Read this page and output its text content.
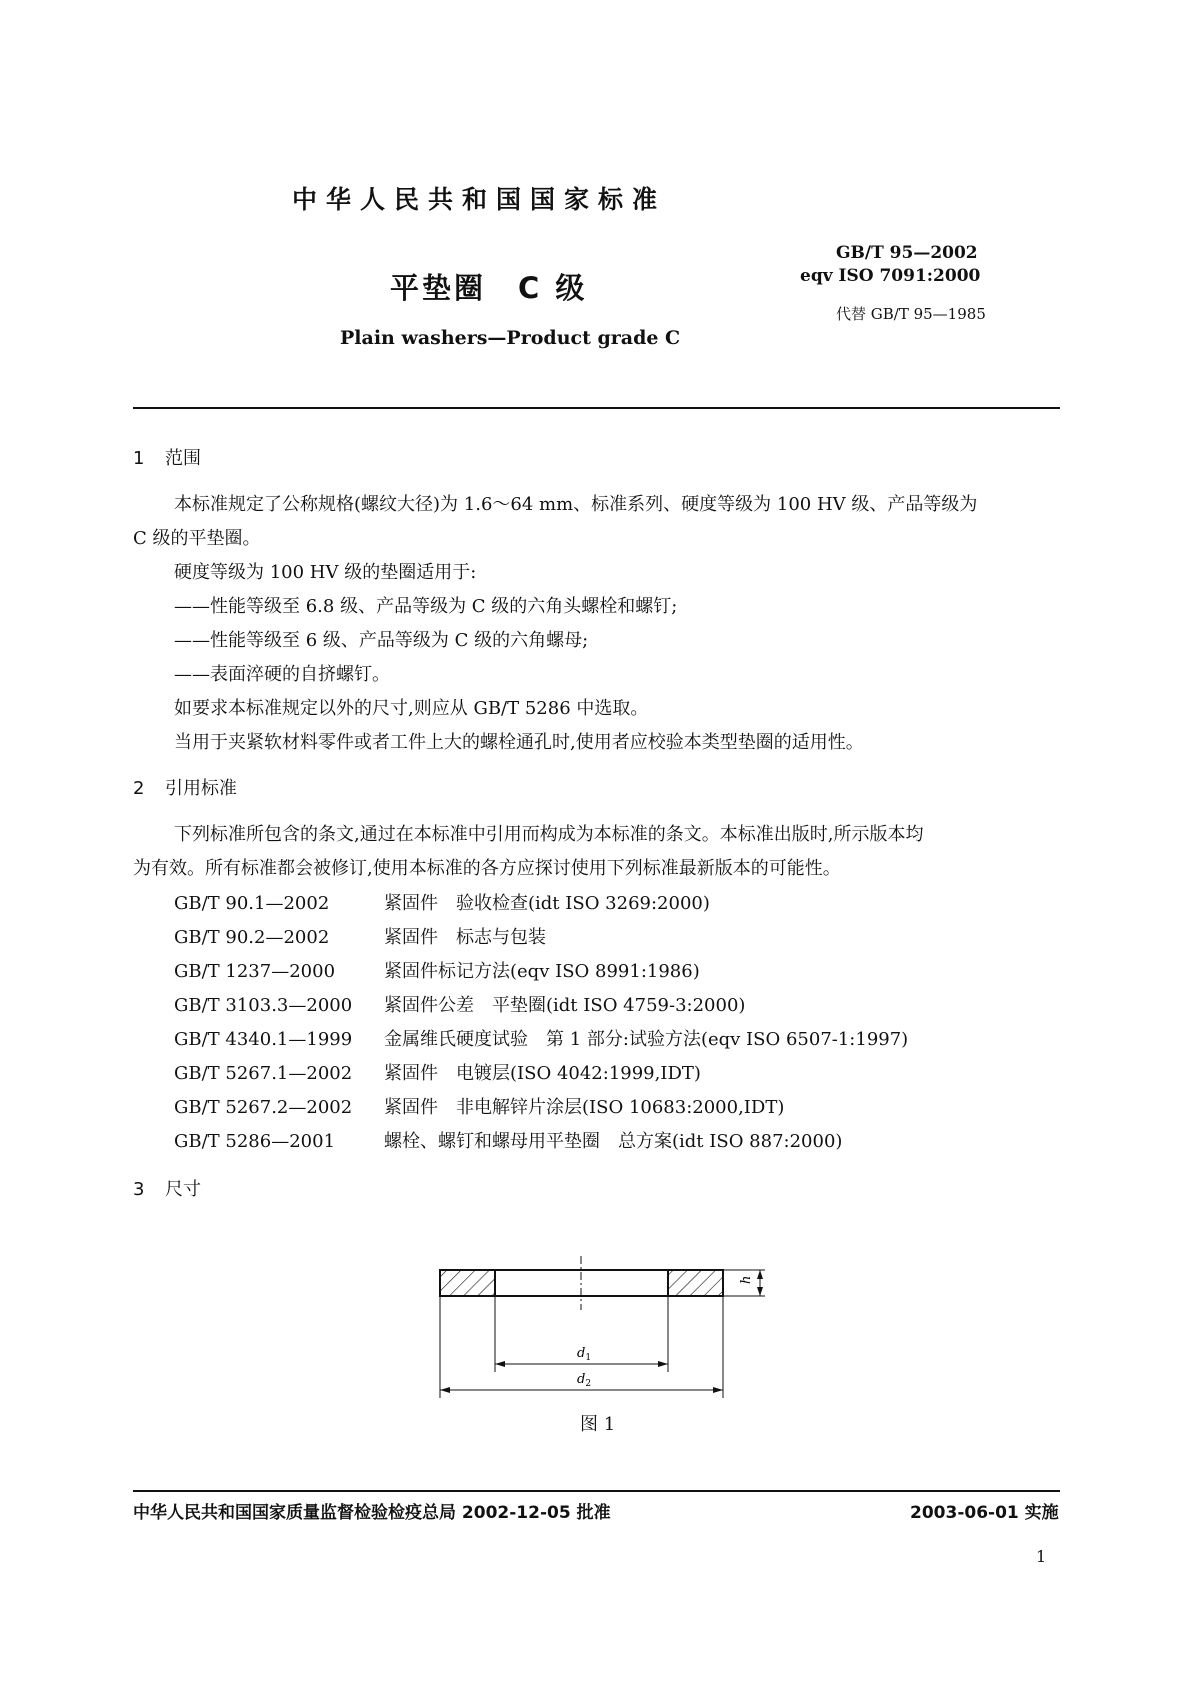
中华人民共和国国家标准
GB/T 95—2002
eqv ISO 7091:2000
代替 GB/T 95—1985
平垫圈　C 级
Plain washers—Product grade C
1 范围
本标准规定了公称规格(螺纹大径)为 1.6～64 mm、标准系列、硬度等级为 100 HV 级、产品等级为
C 级的平垫圈。
硬度等级为 100 HV 级的垫圈适用于:
——性能等级至 6.8 级、产品等级为 C 级的六角头螺栓和螺钉;
——性能等级至 6 级、产品等级为 C 级的六角螺母;
——表面淬硬的自挤螺钉。
如要求本标准规定以外的尺寸,则应从 GB/T 5286 中选取。
当用于夹紧软材料零件或者工件上大的螺栓通孔时,使用者应校验本类型垫圈的适用性。
2 引用标准
下列标准所包含的条文,通过在本标准中引用而构成为本标准的条文。本标准出版时,所示版本均
为有效。所有标准都会被修订,使用本标准的各方应探讨使用下列标准最新版本的可能性。
GB/T 90.1—2002	紧固件　验收检查(idt ISO 3269:2000)
GB/T 90.2—2002	紧固件　标志与包装
GB/T 1237—2000	紧固件标记方法(eqv ISO 8991:1986)
GB/T 3103.3—2000 紧固件公差　平垫圈(idt ISO 4759-3:2000)
GB/T 4340.1—1999 金属维氏硬度试验　第 1 部分:试验方法(eqv ISO 6507-1:1997)
GB/T 5267.1—2002 紧固件　电镀层(ISO 4042:1999,IDT)
GB/T 5267.2—2002 紧固件　非电解锌片涂层(ISO 10683:2000,IDT)
GB/T 5286—2001	螺栓、螺钉和螺母用平垫圈　总方案(idt ISO 887:2000)
3 尺寸
h
$d_1$
$d_2$
图 1
中华人民共和国国家质量监督检验检疫总局 2002-12-05 批准	2003-06-01 实施
1
